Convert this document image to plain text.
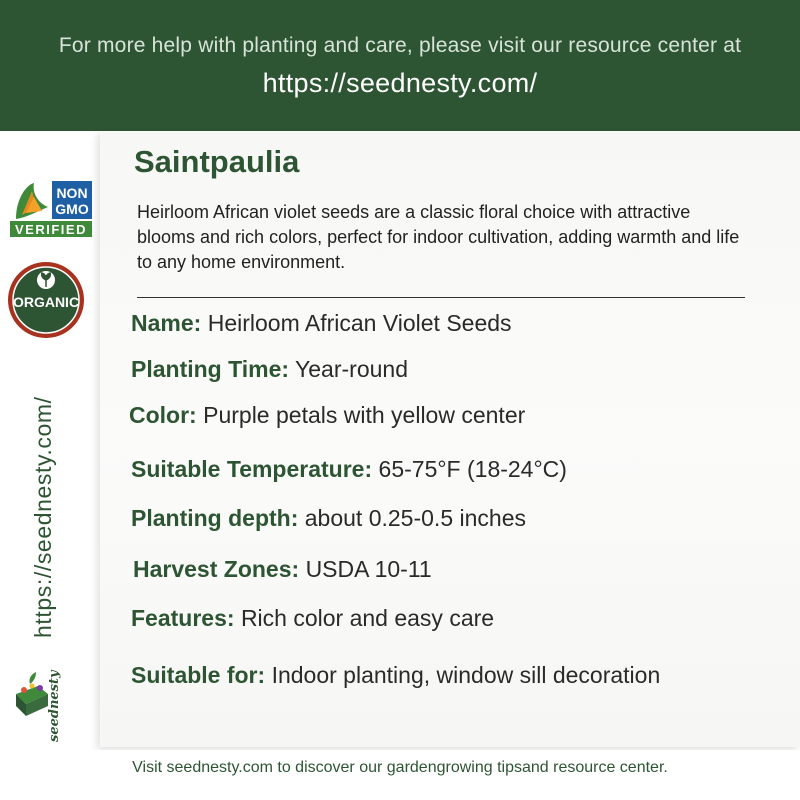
For more help with planting and care, please visit our resource center at
https://seednesty.com/
NON
GMO
VERIFIED
ORGANIC
https://seednesty.com/
seednesty
Saintpaulia
Heirloom African violet seeds are a classic floral choice with attractive blooms and rich colors, perfect for indoor cultivation, adding warmth and life to any home environment.
Name: Heirloom African Violet Seeds
Planting Time: Year-round
Color: Purple petals with yellow center
Suitable Temperature: 65-75°F (18-24°C)
Planting depth: about 0.25-0.5 inches
Harvest Zones: USDA 10-11
Features: Rich color and easy care
Suitable for: Indoor planting, window sill decoration
Visit seednesty.com to discover our gardengrowing tipsand resource center.
